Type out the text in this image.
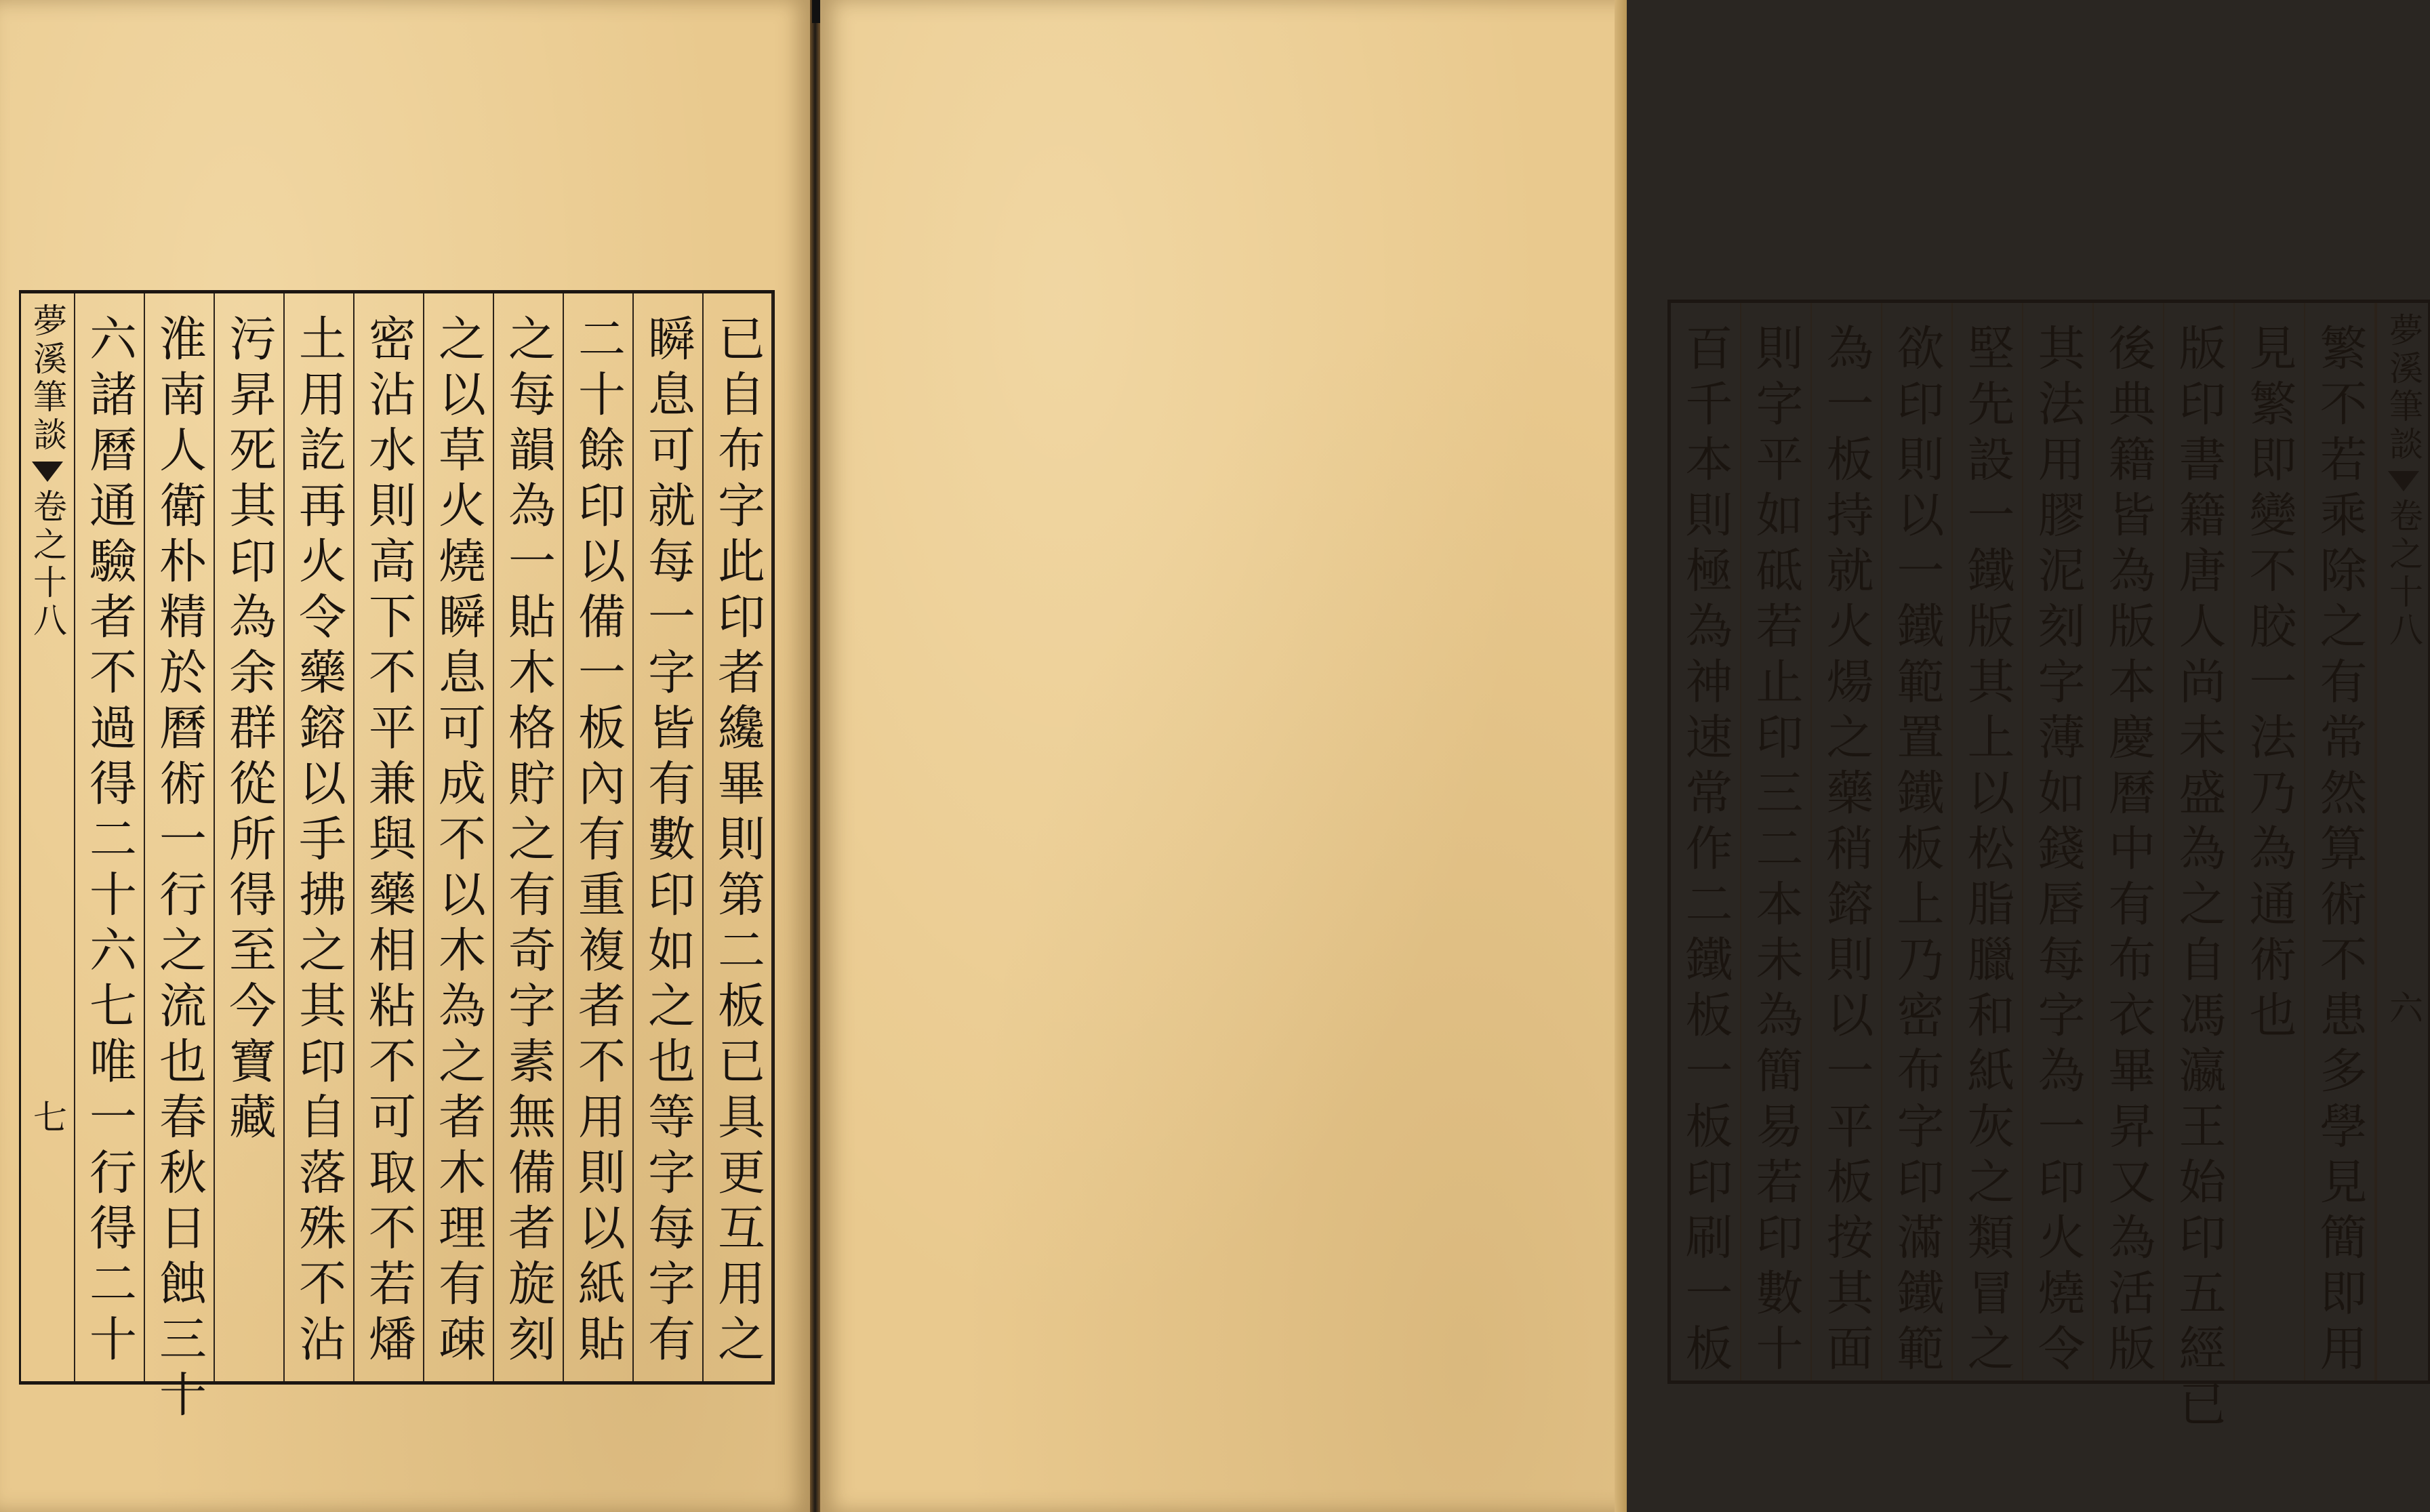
已自布字此印者纔畢則第二板已具更互用之
瞬息可就每一字皆有數印如之也等字每字有
二十餘印以備一板內有重複者不用則以紙貼
之每韻為一貼木格貯之有奇字素無備者旋刻
之以草火燒瞬息可成不以木為之者木理有疎
密沾水則高下不平兼與藥相粘不可取不若燔
土用訖再火令藥鎔以手拂之其印自落殊不沾
污昇死其印為余群從所得至今寶藏
淮南人衛朴精於曆術一行之流也春秋日蝕三十
六諸曆通驗者不過得二十六七唯一行得二十
夢溪筆談
卷之十八
七
夢溪筆談
卷之十八
六
繁不若乘除之有常然算術不患多學見簡即用
見繁即變不胶一法乃為通術也
版印書籍唐人尚未盛為之自馮瀛王始印五經已
後典籍皆為版本慶曆中有布衣畢昇又為活版
其法用膠泥刻字薄如錢唇每字為一印火燒令
堅先設一鐵版其上以松脂臘和紙灰之類冒之
欲印則以一鐵範置鐵板上乃密布字印滿鐵範
為一板持就火煬之藥稍鎔則以一平板按其面
則字平如砥若止印三二本未為簡易若印數十
百千本則極為神速常作二鐵板一板印刷一板
